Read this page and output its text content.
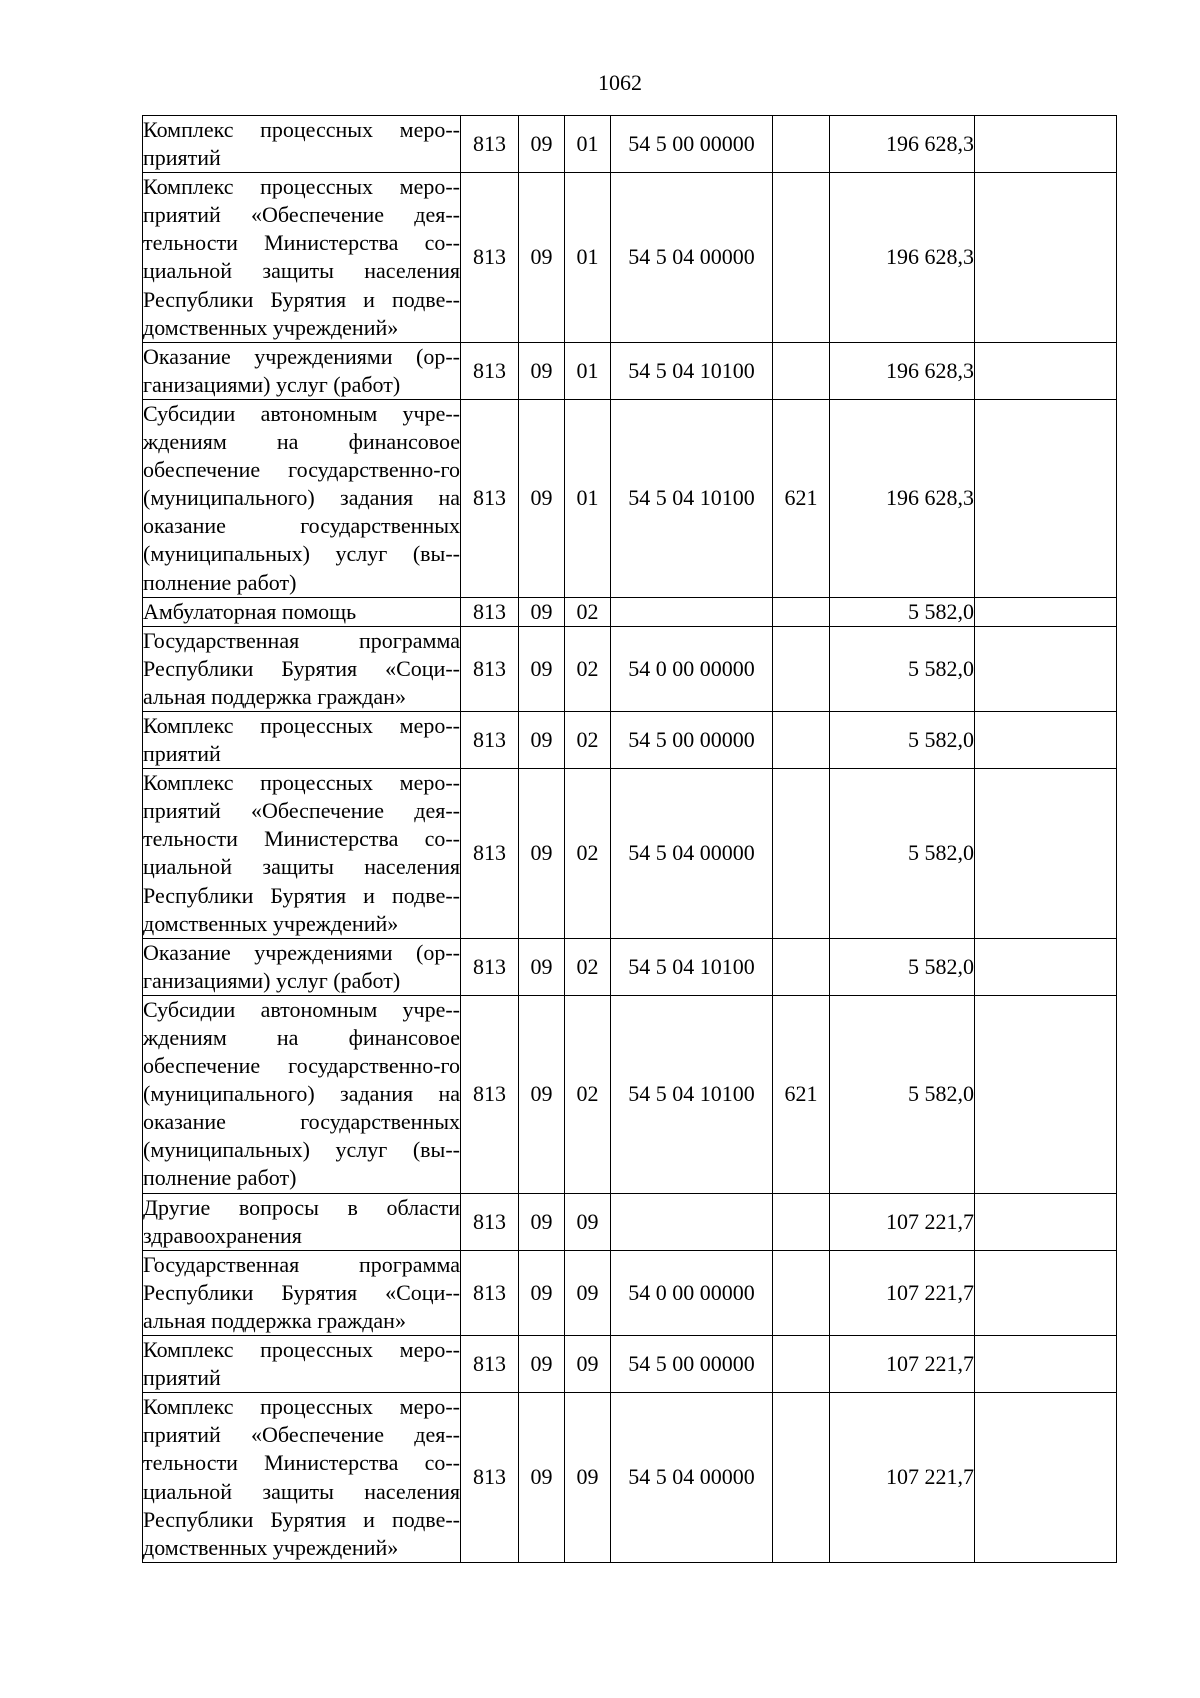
1062
Комплекс процессных меро-приятий	813	09	01	54 5 00 00000		196 628,3	
Комплекс процессных меро-приятий «Обеспечение дея-тельности Министерства со-циальной защиты населения Республики Бурятия и подве-домственных учреждений»	813	09	01	54 5 04 00000		196 628,3	
Оказание учреждениями (ор-ганизациями) услуг (работ)	813	09	01	54 5 04 10100		196 628,3	
Субсидии автономным учре-ждениям на финансовое обеспечение государственно-го (муниципального) задания на оказание государственных (муниципальных) услуг (вы-полнение работ)	813	09	01	54 5 04 10100	621	196 628,3	
Амбулаторная помощь	813	09	02			5 582,0	
Государственная программа Республики Бурятия «Соци-альная поддержка граждан»	813	09	02	54 0 00 00000		5 582,0	
Комплекс процессных меро-приятий	813	09	02	54 5 00 00000		5 582,0	
Комплекс процессных меро-приятий «Обеспечение дея-тельности Министерства со-циальной защиты населения Республики Бурятия и подве-домственных учреждений»	813	09	02	54 5 04 00000		5 582,0	
Оказание учреждениями (ор-ганизациями) услуг (работ)	813	09	02	54 5 04 10100		5 582,0	
Субсидии автономным учре-ждениям на финансовое обеспечение государственно-го (муниципального) задания на оказание государственных (муниципальных) услуг (вы-полнение работ)	813	09	02	54 5 04 10100	621	5 582,0	
Другие вопросы в области здравоохранения	813	09	09			107 221,7	
Государственная программа Республики Бурятия «Соци-альная поддержка граждан»	813	09	09	54 0 00 00000		107 221,7	
Комплекс процессных меро-приятий	813	09	09	54 5 00 00000		107 221,7	
Комплекс процессных меро-приятий «Обеспечение дея-тельности Министерства со-циальной защиты населения Республики Бурятия и подве-домственных учреждений»	813	09	09	54 5 04 00000		107 221,7	
